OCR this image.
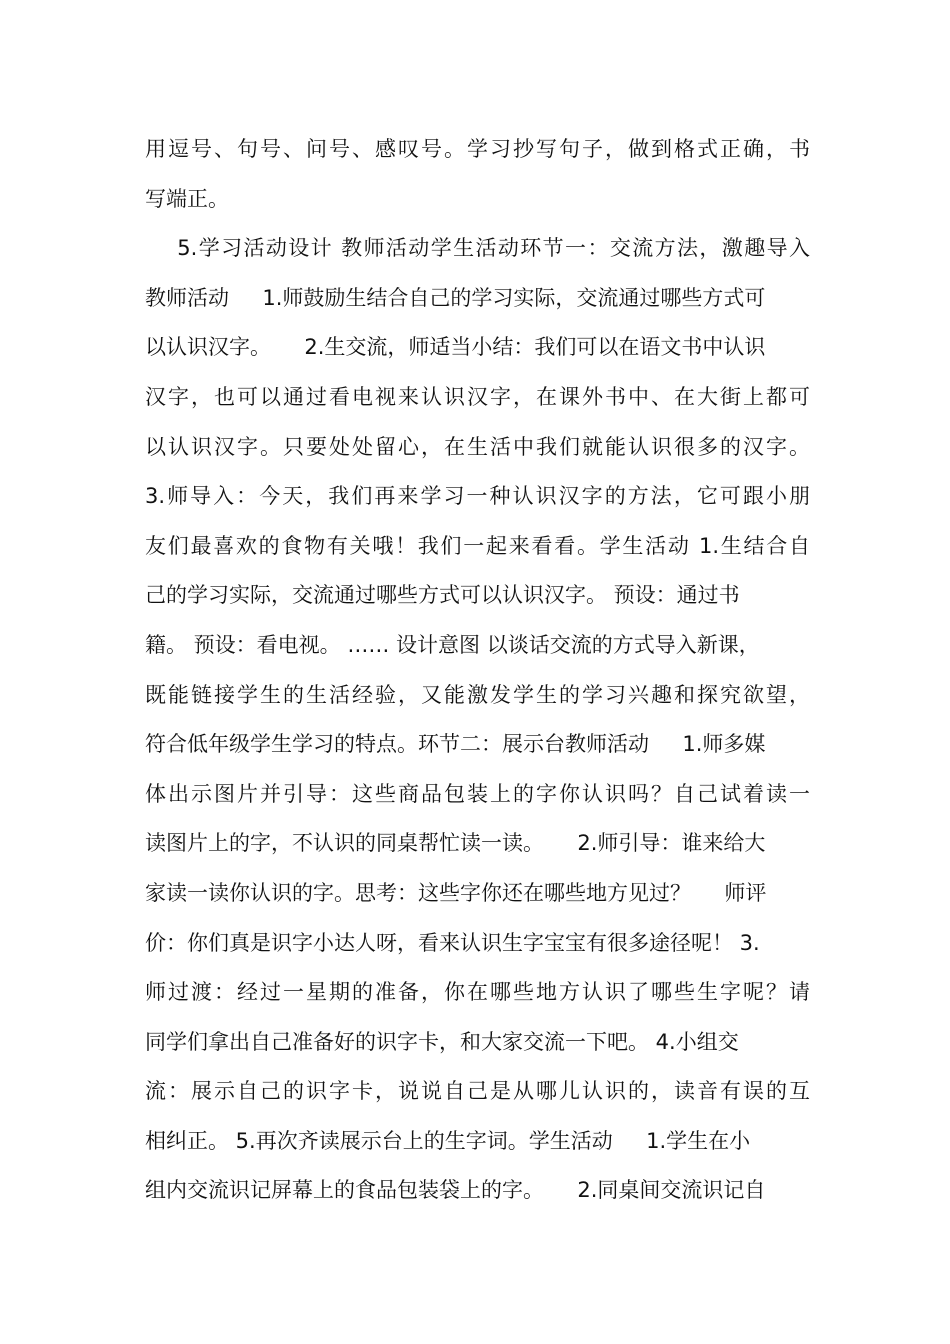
用逗号、句号、问号、感叹号。学习抄写句子，做到格式正确，书
写端正。
5.学习活动设计 教师活动学生活动环节一：交流方法，激趣导入
教师活动     1.师鼓励生结合自己的学习实际，交流通过哪些方式可
以认识汉字。     2.生交流，师适当小结：我们可以在语文书中认识
汉字，也可以通过看电视来认识汉字，在课外书中、在大街上都可
以认识汉字。只要处处留心，在生活中我们就能认识很多的汉字。
3.师导入：今天，我们再来学习一种认识汉字的方法，它可跟小朋
友们最喜欢的食物有关哦！我们一起来看看。学生活动 1.生结合自
己的学习实际，交流通过哪些方式可以认识汉字。 预设：通过书
籍。 预设：看电视。 …… 设计意图 以谈话交流的方式导入新课，
既能链接学生的生活经验，又能激发学生的学习兴趣和探究欲望，
符合低年级学生学习的特点。环节二：展示台教师活动     1.师多媒
体出示图片并引导：这些商品包装上的字你认识吗？自己试着读一
读图片上的字，不认识的同桌帮忙读一读。     2.师引导：谁来给大
家读一读你认识的字。思考：这些字你还在哪些地方见过？     师评
价：你们真是识字小达人呀，看来认识生字宝宝有很多途径呢！ 3.
师过渡：经过一星期的准备，你在哪些地方认识了哪些生字呢？请
同学们拿出自己准备好的识字卡，和大家交流一下吧。 4.小组交
流：展示自己的识字卡，说说自己是从哪儿认识的，读音有误的互
相纠正。 5.再次齐读展示台上的生字词。学生活动     1.学生在小
组内交流识记屏幕上的食品包装袋上的字。     2.同桌间交流识记自
